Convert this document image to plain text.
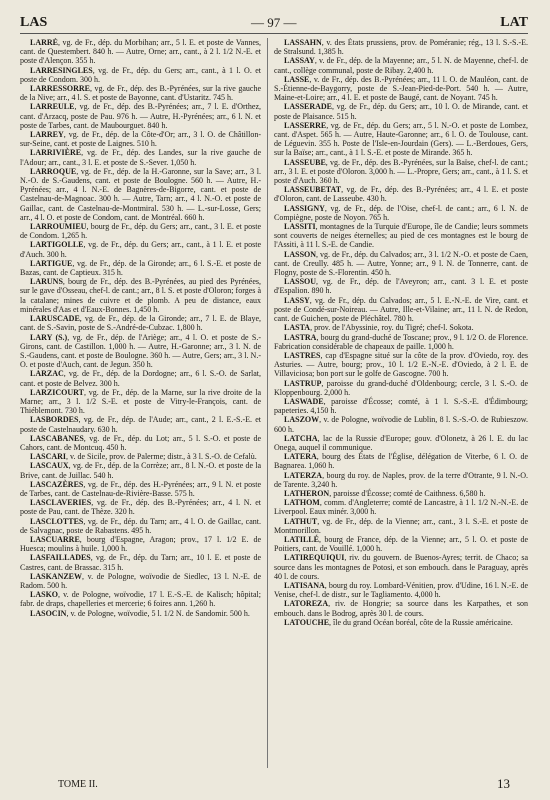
LAS	— 97 —	LAT
LARRÉ, vg. de Fr., dép. du Morbihan; arr., 5 l. E. et poste de Vannes, cant. de Questembert. 840 h. — Autre, Orne; arr., cant., à 2 l. 1/2 N.-E. et poste d'Alençon. 355 h.
LARRESINGLES, vg. de Fr., dép. du Gers; arr., cant., à 1 l. O. et poste de Condom. 300 h.
LARRESSORRE, vg. de Fr., dép. des B.-Pyrénées, sur la rive gauche de la Nive; arr., 4 l. S. et poste de Bayonne, cant. d'Ustaritz. 745 h.
LARREULE, vg. de Fr., dép. des B.-Pyrénées; arr., 7 l. E. d'Orthez, cant. d'Arzacq, poste de Pau. 976 h. — Autre, H.-Pyrénées; arr., 6 l. N. et poste de Tarbes, cant. de Maubourguet. 840 h.
LARREY, vg. de Fr., dép. de la Côte-d'Or; arr., 3 l. O. de Châtillon-sur-Seine, cant. et poste de Laignes. 510 h.
LARRIVIÈRE, vg. de Fr., dép. des Landes, sur la rive gauche de l'Adour; arr., cant., 3 l. E. et poste de S.-Sever. 1,050 h.
LARROQUE, vg. de Fr., dép. de la H.-Garonne, sur la Save; arr., 3 l. N.-O. de S.-Gaudens, cant. et poste de Boulogne. 560 h. — Autre, H.-Pyrénées; arr., 4 l. N.-E. de Bagnères-de-Bigorre, cant. et poste de Castelnau-de-Magnoac. 300 h. — Autre, Tarn; arr., 4 l. N.-O. et poste de Gaillac, cant. de Castelnau-de-Montmiral. 530 h. — L.-sur-Losse, Gers; arr., 4 l. O. et poste de Condom, cant. de Montréal. 660 h.
LARROUMIEU, bourg de Fr., dép. du Gers; arr., cant., 3 l. E. et poste de Condom. 1,265 h.
LARTIGOLLE, vg. de Fr., dép. du Gers; arr., cant., à 1 l. E. et poste d'Auch. 300 h.
LARTIGUE, vg. de Fr., dép. de la Gironde; arr., 6 l. S.-E. et poste de Bazas, cant. de Captieux. 315 h.
LARUNS, bourg de Fr., dép. des B.-Pyrénées, au pied des Pyrénées, sur le gave d'Osseau, chef-l. de cant.; arr., 8 l. S. et poste d'Oloron; forges à la catalane; mines de cuivre et de plomb. A peu de distance, eaux minérales d'Aas et d'Eaux-Bonnes. 1,450 h.
LARUSCADE, vg. de Fr., dép. de la Gironde; arr., 7 l. E. de Blaye, cant. de S.-Savin, poste de S.-André-de-Cubzac. 1,800 h.
LARY (S.), vg. de Fr., dép. de l'Ariège; arr., 4 l. O. et poste de S.-Girons, cant. de Castillon. 1,000 h. — Autre, H.-Garonne; arr., 3 l. N. de S.-Gaudens, cant. et poste de Boulogne. 360 h. — Autre, Gers; arr., 3 l. N.-O. et poste d'Auch, cant. de Jegun. 350 h.
LARZAC, vg. de Fr., dép. de la Dordogne; arr., 6 l. S.-O. de Sarlat, cant. et poste de Belvez. 300 h.
LARZICOURT, vg. de Fr., dép. de la Marne, sur la rive droite de la Marne; arr., 3 l. 1/2 S.-E. et poste de Vitry-le-François, cant. de Thiéblemont. 730 h.
LASBORDES, vg. de Fr., dép. de l'Aude; arr., cant., 2 l. E.-S.-E. et poste de Castelnaudary. 630 h.
LASCABANES, vg. de Fr., dép. du Lot; arr., 5 l. S.-O. et poste de Cahors, cant. de Montcuq. 450 h.
LASCARI, v. de Sicile, prov. de Palerme; distr., à 3 l. S.-O. de Cefalù.
LASCAUX, vg. de Fr., dép. de la Corrèze; arr., 8 l. N.-O. et poste de la Brive, cant. de Juillac. 540 h.
LASCAZÈRES, vg. de Fr., dép. des H.-Pyrénées; arr., 9 l. N. et poste de Tarbes, cant. de Castelnau-de-Rivière-Basse. 575 h.
LASCLAVERIES, vg. de Fr., dép. des B.-Pyrénées; arr., 4 l. N. et poste de Pau, cant. de Thèze. 320 h.
LASCLOTTES, vg. de Fr., dép. du Tarn; arr., 4 l. O. de Gaillac, cant. de Salvagnac, poste de Rabastens. 495 h.
LASCUARRE, bourg d'Espagne, Aragon; prov., 17 l. 1/2 E. de Huesca; moulins à huile. 1,000 h.
LASFAILLADES, vg. de Fr., dép. du Tarn; arr., 10 l. E. et poste de Castres, cant. de Brassac. 315 h.
LASKANZEW, v. de Pologne, woïvodie de Siedlec, 13 l. N.-E. de Radom. 500 h.
LASKO, v. de Pologne, woïvodie, 17 l. E.-S.-E. de Kalisch; hôpital; fabr. de draps, chapelleries et mercerie; 6 foires ann. 1,260 h.
LASOCIN, v. de Pologne, woïvodie, 5 l. 1/2 N. de Sandomir. 500 h.
LASSAHN, v. des États prussiens, prov. de Poméranie; rég., 13 l. S.-S.-E. de Stralsund. 1,385 h.
LASSAY, v. de Fr., dép. de la Mayenne; arr., 5 l. N. de Mayenne, chef-l. de cant., collège communal, poste de Ribay. 2,400 h.
LASSE, v. de Fr., dép. des B.-Pyrénées; arr., 11 l. O. de Mauléon, cant. de S.-Étienne-de-Baygorry, poste de S.-Jean-Pied-de-Port. 540 h. — Autre, Maine-et-Loire; arr., 4 l. E. et poste de Baugé, cant. de Noyant. 745 h.
LASSERADE, vg. de Fr., dép. du Gers; arr., 10 l. O. de Mirande, cant. et poste de Plaisance. 515 h.
LASSERRE, vg. de Fr., dép. du Gers; arr., 5 l. N.-O. et poste de Lombez, cant. d'Aspet. 565 h. — Autre, Haute-Garonne; arr., 6 l. O. de Toulouse, cant. de Léguevin. 355 h. Poste de l'Isle-en-Jourdain (Gers). — L.-Berdoues, Gers, sur la Baïse; arr., cant., à 1 l. S.-E. et poste de Mirande. 365 h.
LASSEUBE, vg. de Fr., dép. des B.-Pyrénées, sur la Baïse, chef-l. de cant.; arr., 3 l. E. et poste d'Oloron. 3,000 h. — L.-Propre, Gers; arr., cant., à 1 l. S. et poste d'Auch. 360 h.
LASSEUBETAT, vg. de Fr., dép. des B.-Pyrénées; arr., 4 l. E. et poste d'Oloron, cant. de Lasseube. 430 h.
LASSIGNY, vg. de Fr., dép. de l'Oise, chef-l. de cant.; arr., 6 l. N. de Compiègne, poste de Noyon. 765 h.
LASSITI, montagnes de la Turquie d'Europe, île de Candie; leurs sommets sont couverts de neiges éternelles; au pied de ces montagnes est le bourg de l'Assiti, à 11 l. S.-E. de Candie.
LASSON, vg. de Fr., dép. du Calvados; arr., 3 l. 1/2 N.-O. et poste de Caen, cant. de Creully. 485 h. — Autre, Yonne; arr., 9 l. N. de Tonnerre, cant. de Flogny, poste de S.-Florentin. 450 h.
LASSOU, vg. de Fr., dép. de l'Aveyron; arr., cant. 3 l. E. et poste d'Espalion. 890 h.
LASSY, vg. de Fr., dép. du Calvados; arr., 5 l. E.-N.-E. de Vire, cant. et poste de Condé-sur-Noireau. — Autre, Ille-et-Vilaine; arr., 11 l. N. de Redon, cant. de Guichen, poste de Pléchâtel. 780 h.
LASTA, prov. de l'Abyssinie, roy. du Tigré; chef-l. Sokota.
LASTRA, bourg du grand-duché de Toscane; prov., 9 l. 1/2 O. de Florence. Fabrication considérable de chapeaux de paille. 1,000 h.
LASTRES, cap d'Espagne situé sur la côte de la prov. d'Oviedo, roy. des Asturies. — Autre, bourg; prov., 10 l. 1/2 E.-N.-E. d'Oviedo, à 2 l. E. de Villaviciosa; bon port sur le golfe de Gascogne. 700 h.
LASTRUP, paroisse du grand-duché d'Oldenbourg; cercle, 3 l. S.-O. de Kloppenbourg. 2,000 h.
LASWADE, paroisse d'Écosse; comté, à 1 l. S.-S.-E. d'Édimbourg; papeteries. 4,150 h.
LASZOW, v. de Pologne, woïvodie de Lublin, 8 l. S.-S.-O. de Rubieszow. 600 h.
LATCHA, lac de la Russie d'Europe; gouv. d'Olonetz, à 26 l. E. du lac Onega, auquel il communique.
LATERA, bourg des États de l'Église, délégation de Viterbe, 6 l. O. de Bagnarea. 1,060 h.
LATERZA, bourg du roy. de Naples, prov. de la terre d'Otrante, 9 l. N.-O. de Tarente. 3,240 h.
LATHERON, paroisse d'Écosse; comté de Caithness. 6,580 h.
LATHOM, comm. d'Angleterre; comté de Lancastre, à 1 l. 1/2 N.-N.-E. de Liverpool. Eaux minér. 3,000 h.
LATHUT, vg. de Fr., dép. de la Vienne; arr., cant., 3 l. S.-E. et poste de Montmorillon.
LATILLÉ, bourg de France, dép. de la Vienne; arr., 5 l. O. et poste de Poitiers, cant. de Vouillé. 1,000 h.
LATIREQUIQUI, riv. du gouvern. de Buenos-Ayres; territ. de Chaco; sa source dans les montagnes de Potosi, et son embouch. dans le Paraguay, après 40 l. de cours.
LATISANA, bourg du roy. Lombard-Vénitien, prov. d'Udine, 16 l. N.-E. de Venise, chef-l. de distr., sur le Tagliamento. 4,000 h.
LATOREZA, riv. de Hongrie; sa source dans les Karpathes, et son embouch. dans le Bodrog, après 30 l. de cours.
LATOUCHE, île du grand Océan boréal, côte de la Russie américaine.
TOME II.	13
